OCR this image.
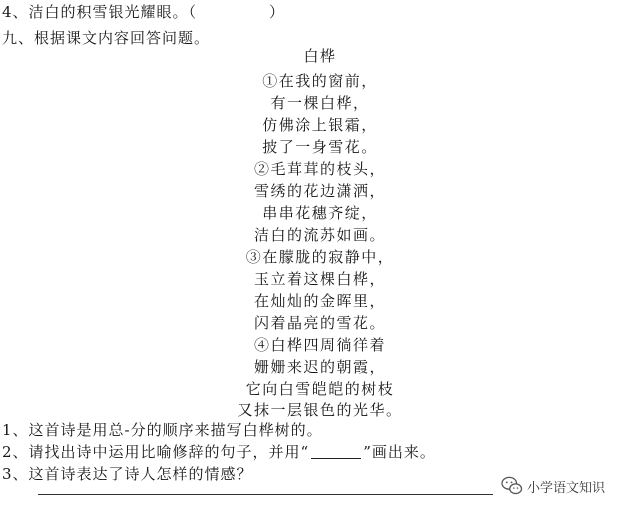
4、洁白的积雪银光耀眼。（	）
九、根据课文内容回答问题。
白桦
①在我的窗前，
有一棵白桦，
仿佛涂上银霜，
披了一身雪花。
②毛茸茸的枝头，
雪绣的花边潇洒，
串串花穗齐绽，
洁白的流苏如画。
③在朦胧的寂静中，
玉立着这棵白桦，
在灿灿的金晖里，
闪着晶亮的雪花。
④白桦四周徜徉着
姗姗来迟的朝霞，
它向白雪皑皑的树枝
又抹一层银色的光华。
1、这首诗是用总-分的顺序来描写白桦树的。
2、请找出诗中运用比喻修辞的句子，并用“	”画出来。
3、这首诗表达了诗人怎样的情感？
小学语文知识
